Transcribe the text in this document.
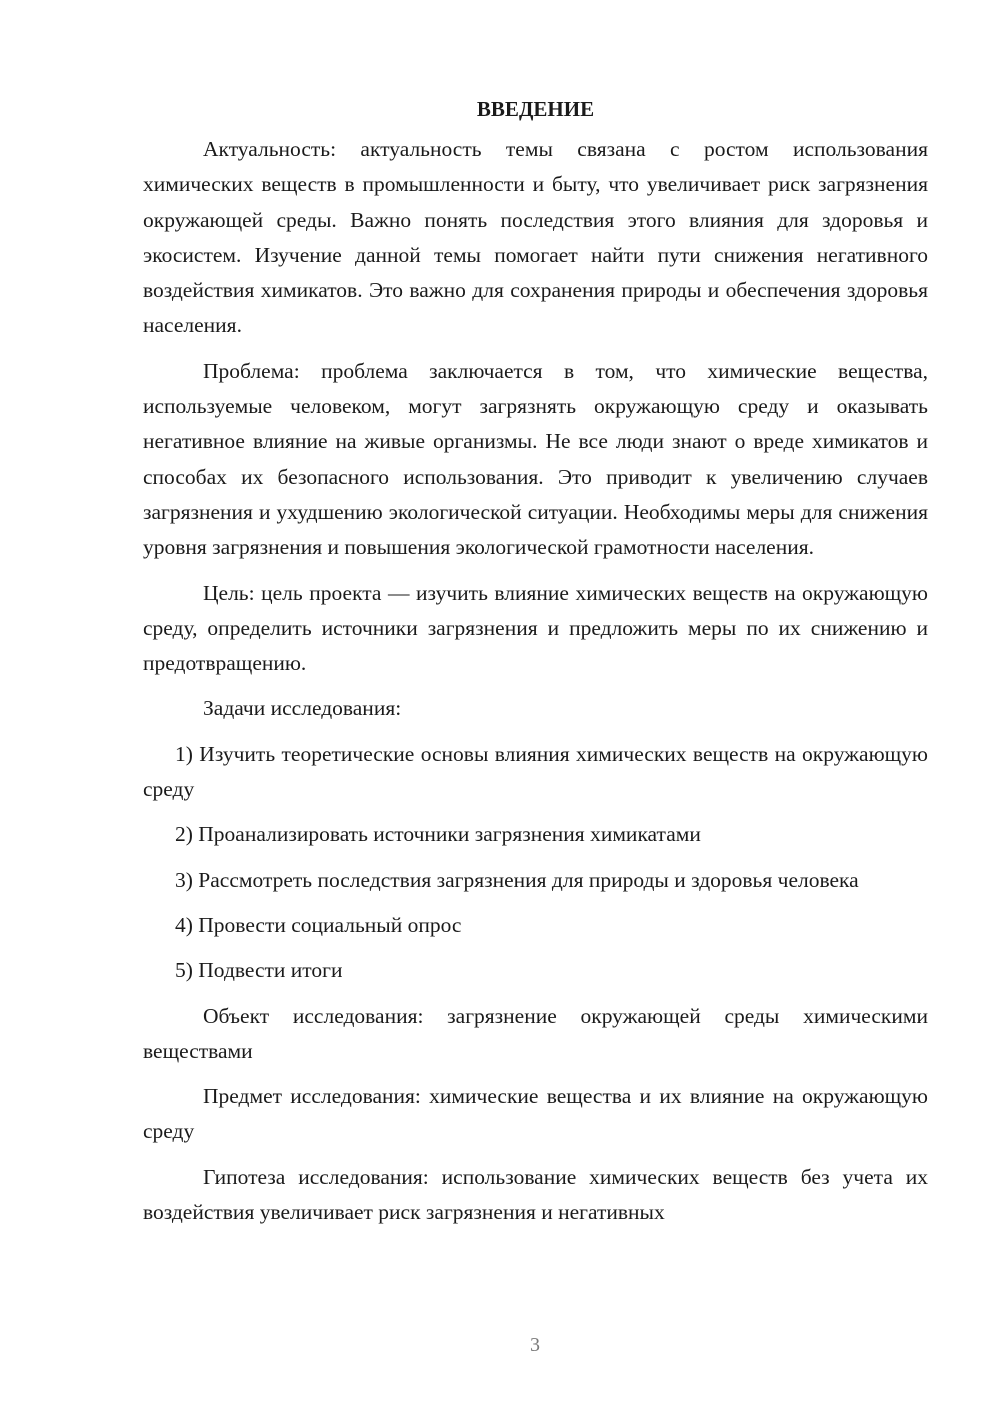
ВВЕДЕНИЕ

Актуальность: актуальность темы связана с ростом использования химических веществ в промышленности и быту, что увеличивает риск загрязнения окружающей среды. Важно понять последствия этого влияния для здоровья и экосистем. Изучение данной темы помогает найти пути снижения негативного воздействия химикатов. Это важно для сохранения природы и обеспечения здоровья населения.

Проблема: проблема заключается в том, что химические вещества, используемые человеком, могут загрязнять окружающую среду и оказывать негативное влияние на живые организмы. Не все люди знают о вреде химикатов и способах их безопасного использования. Это приводит к увеличению случаев загрязнения и ухудшению экологической ситуации. Необходимы меры для снижения уровня загрязнения и повышения экологической грамотности населения.

Цель: цель проекта — изучить влияние химических веществ на окружающую среду, определить источники загрязнения и предложить меры по их снижению и предотвращению.

Задачи исследования:

1) Изучить теоретические основы влияния химических веществ на окружающую среду

2) Проанализировать источники загрязнения химикатами

3) Рассмотреть последствия загрязнения для природы и здоровья человека

4) Провести социальный опрос

5) Подвести итоги

Объект исследования: загрязнение окружающей среды химическими веществами

Предмет исследования: химические вещества и их влияние на окружающую среду

Гипотеза исследования: использование химических веществ без учета их воздействия увеличивает риск загрязнения и негативных

3
